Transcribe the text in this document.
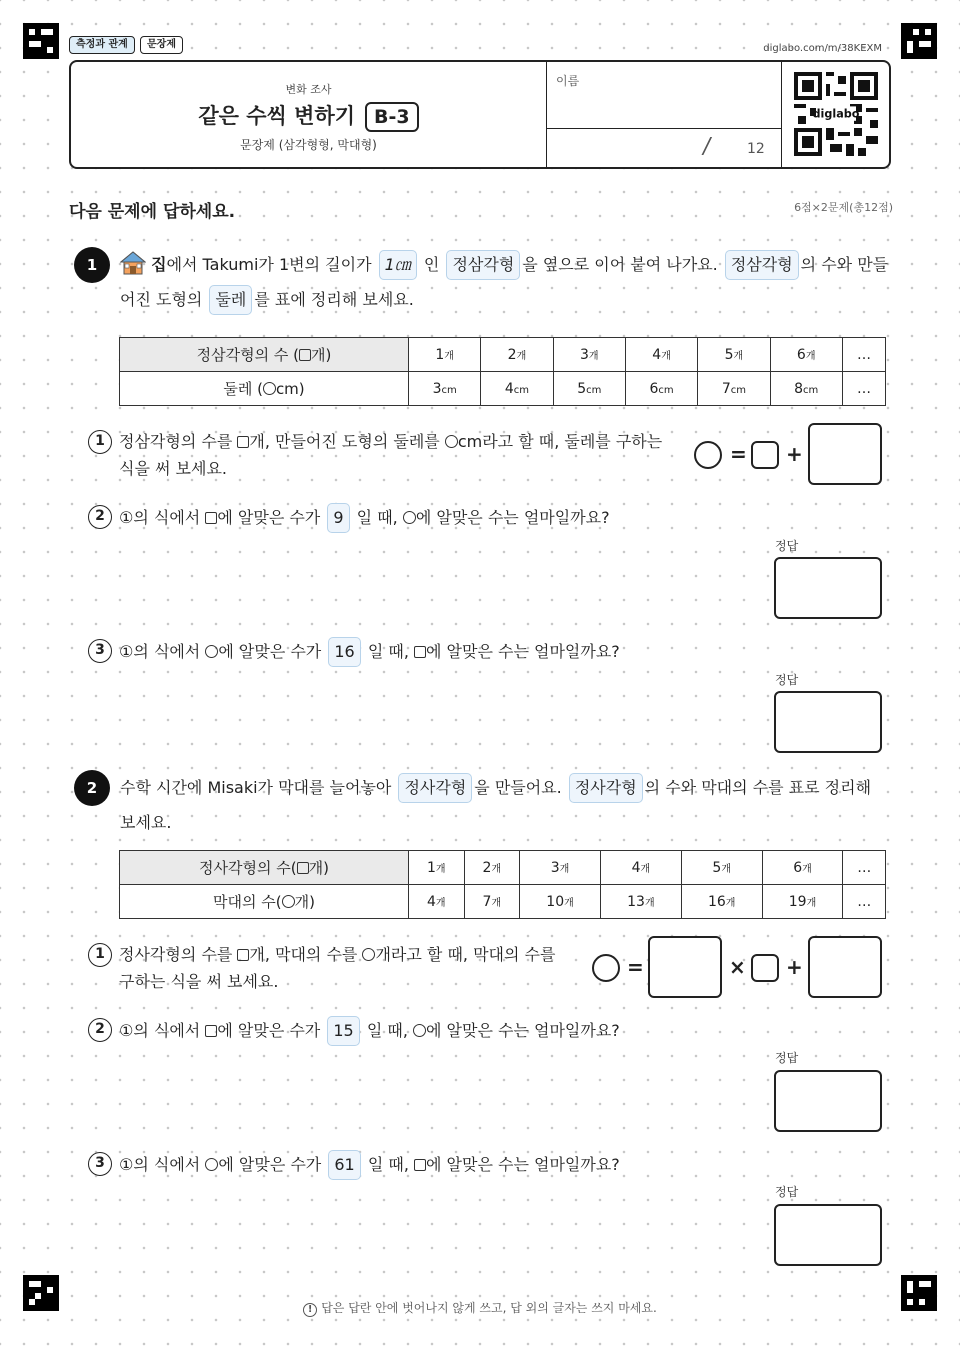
측정과 관계	문장제	diglabo.com/m/38KEXM
변화 조사
같은 수씩 변하기 B-3
문장제 (삼각형형, 막대형)
이름
/ 12
diglabo
다음 문제에 답하세요.	6점×2문제(총12점)
1	집에서 Takumi가 1변의 길이가 1㎝ 인 정삼각형 을 옆으로 이어 붙여 나가요. 정삼각형 의 수와 만들어진 도형의 둘레 를 표에 정리해 보세요.
정삼각형의 수 ( 개)	1개	2개	3개	4개	5개	6개	…
둘레 ( cm)	3cm	4cm	5cm	6cm	7cm	8cm	…
1 정삼각형의 수를 개, 만들어진 도형의 둘레를 cm라고 할 때, 둘레를 구하는
식을 써 보세요.
= +
2 ①의 식에서 에 알맞은 수가 9 일 때, 에 알맞은 수는 얼마일까요?
정답
3 ①의 식에서 에 알맞은 수가 16 일 때, 에 알맞은 수는 얼마일까요?
정답
2	수학 시간에 Misaki가 막대를 늘어놓아 정사각형 을 만들어요. 정사각형 의 수와 막대의 수를 표로 정리해
보세요.
정사각형의 수( 개)	1개	2개	3개	4개	5개	6개	…
막대의 수( 개)	4개	7개	10개	13개	16개	19개	…
1 정사각형의 수를 개, 막대의 수를 개라고 할 때, 막대의 수를
구하는 식을 써 보세요.
=	× +
2 ①의 식에서 에 알맞은 수가 15 일 때, 에 알맞은 수는 얼마일까요?
정답
3 ①의 식에서 에 알맞은 수가 61 일 때, 에 알맞은 수는 얼마일까요?
정답
! 답은 답란 안에 벗어나지 않게 쓰고, 답 외의 글자는 쓰지 마세요.
